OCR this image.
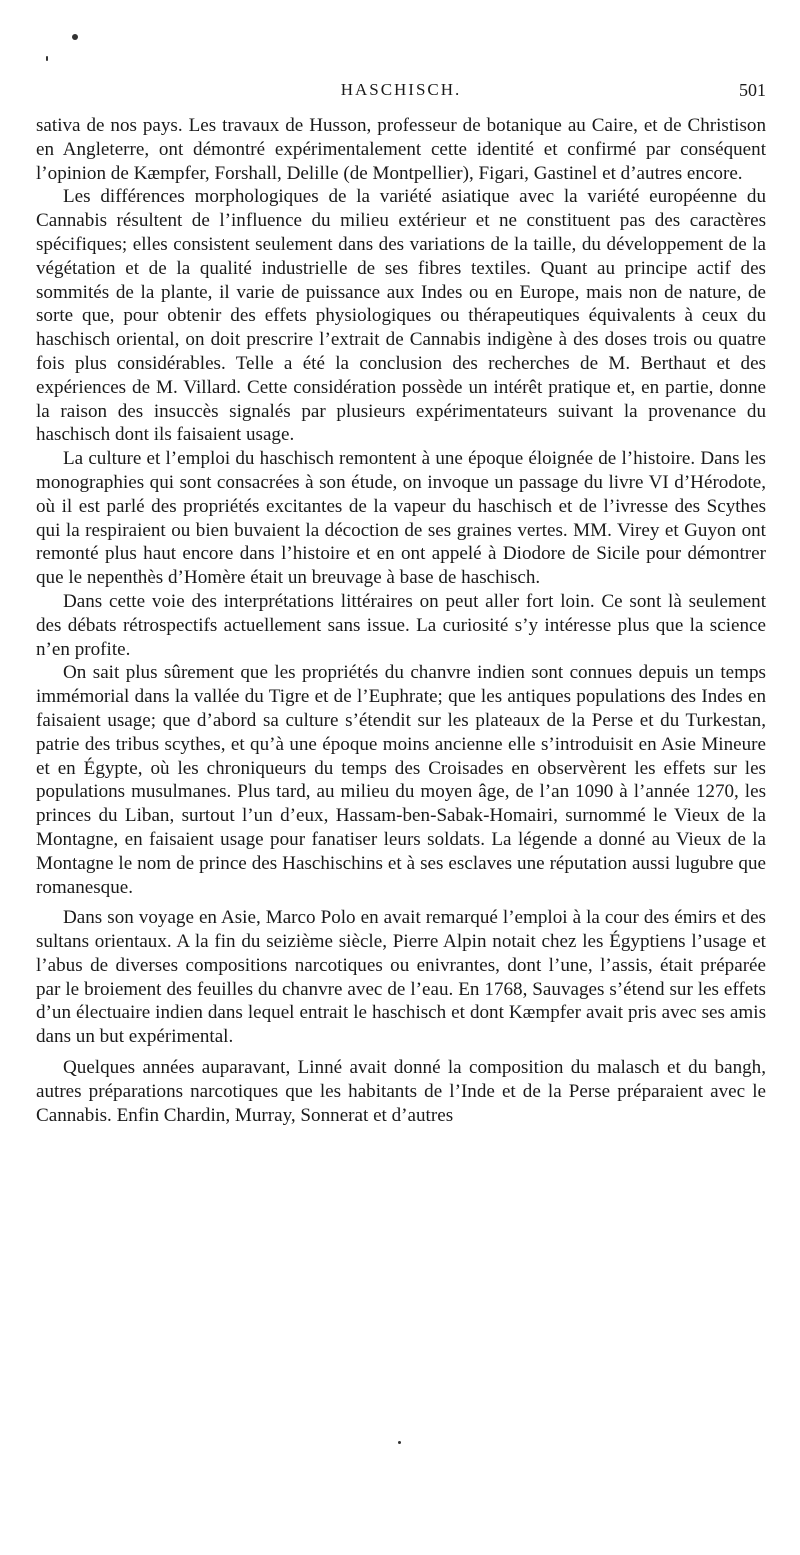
HASCHISCH.	501

sativa de nos pays. Les travaux de Husson, professeur de botanique au Caire, et de Christison en Angleterre, ont démontré expérimentalement cette identité et confirmé par conséquent l’opinion de Kæmpfer, Forshall, Delille (de Montpellier), Figari, Gastinel et d’autres encore.

Les différences morphologiques de la variété asiatique avec la variété européenne du Cannabis résultent de l’influence du milieu extérieur et ne constituent pas des caractères spécifiques; elles consistent seulement dans des variations de la taille, du développement de la végétation et de la qualité industrielle de ses fibres textiles. Quant au principe actif des sommités de la plante, il varie de puissance aux Indes ou en Europe, mais non de nature, de sorte que, pour obtenir des effets physiologiques ou thérapeutiques équivalents à ceux du haschisch oriental, on doit prescrire l’extrait de Cannabis indigène à des doses trois ou quatre fois plus considérables. Telle a été la conclusion des recherches de M. Berthaut et des expériences de M. Villard. Cette considération possède un intérêt pratique et, en partie, donne la raison des insuccès signalés par plusieurs expérimentateurs suivant la provenance du haschisch dont ils faisaient usage.

La culture et l’emploi du haschisch remontent à une époque éloignée de l’histoire. Dans les monographies qui sont consacrées à son étude, on invoque un passage du livre VI d’Hérodote, où il est parlé des propriétés excitantes de la vapeur du haschisch et de l’ivresse des Scythes qui la respiraient ou bien buvaient la décoction de ses graines vertes. MM. Virey et Guyon ont remonté plus haut encore dans l’histoire et en ont appelé à Diodore de Sicile pour démontrer que le nepenthès d’Homère était un breuvage à base de haschisch.

Dans cette voie des interprétations littéraires on peut aller fort loin. Ce sont là seulement des débats rétrospectifs actuellement sans issue. La curiosité s’y intéresse plus que la science n’en profite.

On sait plus sûrement que les propriétés du chanvre indien sont connues depuis un temps immémorial dans la vallée du Tigre et de l’Euphrate; que les antiques populations des Indes en faisaient usage; que d’abord sa culture s’étendit sur les plateaux de la Perse et du Turkestan, patrie des tribus scythes, et qu’à une époque moins ancienne elle s’introduisit en Asie Mineure et en Égypte, où les chroniqueurs du temps des Croisades en observèrent les effets sur les populations musulmanes. Plus tard, au milieu du moyen âge, de l’an 1090 à l’année 1270, les princes du Liban, surtout l’un d’eux, Hassam-ben-Sabak-Homairi, surnommé le Vieux de la Montagne, en faisaient usage pour fanatiser leurs soldats. La légende a donné au Vieux de la Montagne le nom de prince des Haschischins et à ses esclaves une réputation aussi lugubre que romanesque.

Dans son voyage en Asie, Marco Polo en avait remarqué l’emploi à la cour des émirs et des sultans orientaux. A la fin du seizième siècle, Pierre Alpin notait chez les Égyptiens l’usage et l’abus de diverses compositions narcotiques ou enivrantes, dont l’une, l’assis, était préparée par le broiement des feuilles du chanvre avec de l’eau. En 1768, Sauvages s’étend sur les effets d’un électuaire indien dans lequel entrait le haschisch et dont Kæmpfer avait pris avec ses amis dans un but expérimental.

Quelques années auparavant, Linné avait donné la composition du malasch et du bangh, autres préparations narcotiques que les habitants de l’Inde et de la Perse préparaient avec le Cannabis. Enfin Chardin, Murray, Sonnerat et d’autres
